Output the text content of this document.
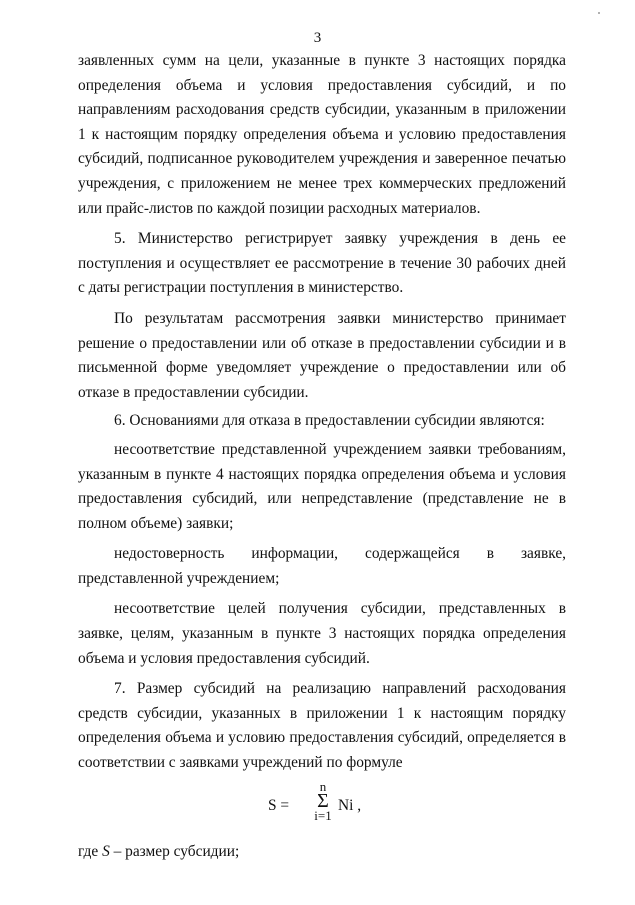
3

заявленных сумм на цели, указанные в пункте 3 настоящих порядка определения объема и условия предоставления субсидий, и по направлениям расходования средств субсидии, указанным в приложении 1 к настоящим порядку определения объема и условию предоставления субсидий, подписанное руководителем учреждения и заверенное печатью учреждения, с приложением не менее трех коммерческих предложений или прайс-листов по каждой позиции расходных материалов.

5. Министерство регистрирует заявку учреждения в день ее поступления и осуществляет ее рассмотрение в течение 30 рабочих дней с даты регистрации поступления в министерство.

По результатам рассмотрения заявки министерство принимает решение о предоставлении или об отказе в предоставлении субсидии и в письменной форме уведомляет учреждение о предоставлении или об отказе в предоставлении субсидии.

6. Основаниями для отказа в предоставлении субсидии являются:

несоответствие представленной учреждением заявки требованиям, указанным в пункте 4 настоящих порядка определения объема и условия предоставления субсидий, или непредставление (представление не в полном объеме) заявки;

недостоверность информации, содержащейся в заявке, представленной учреждением;

несоответствие целей получения субсидии, представленных в заявке, целям, указанным в пункте 3 настоящих порядка определения объема и условия предоставления субсидий.

7. Размер субсидий на реализацию направлений расходования средств субсидии, указанных в приложении 1 к настоящим порядку определения объема и условию предоставления субсидий, определяется в соответствии с заявками учреждений по формуле

S =
n
Σ
i=1
Ni ,
где S – размер субсидии;
